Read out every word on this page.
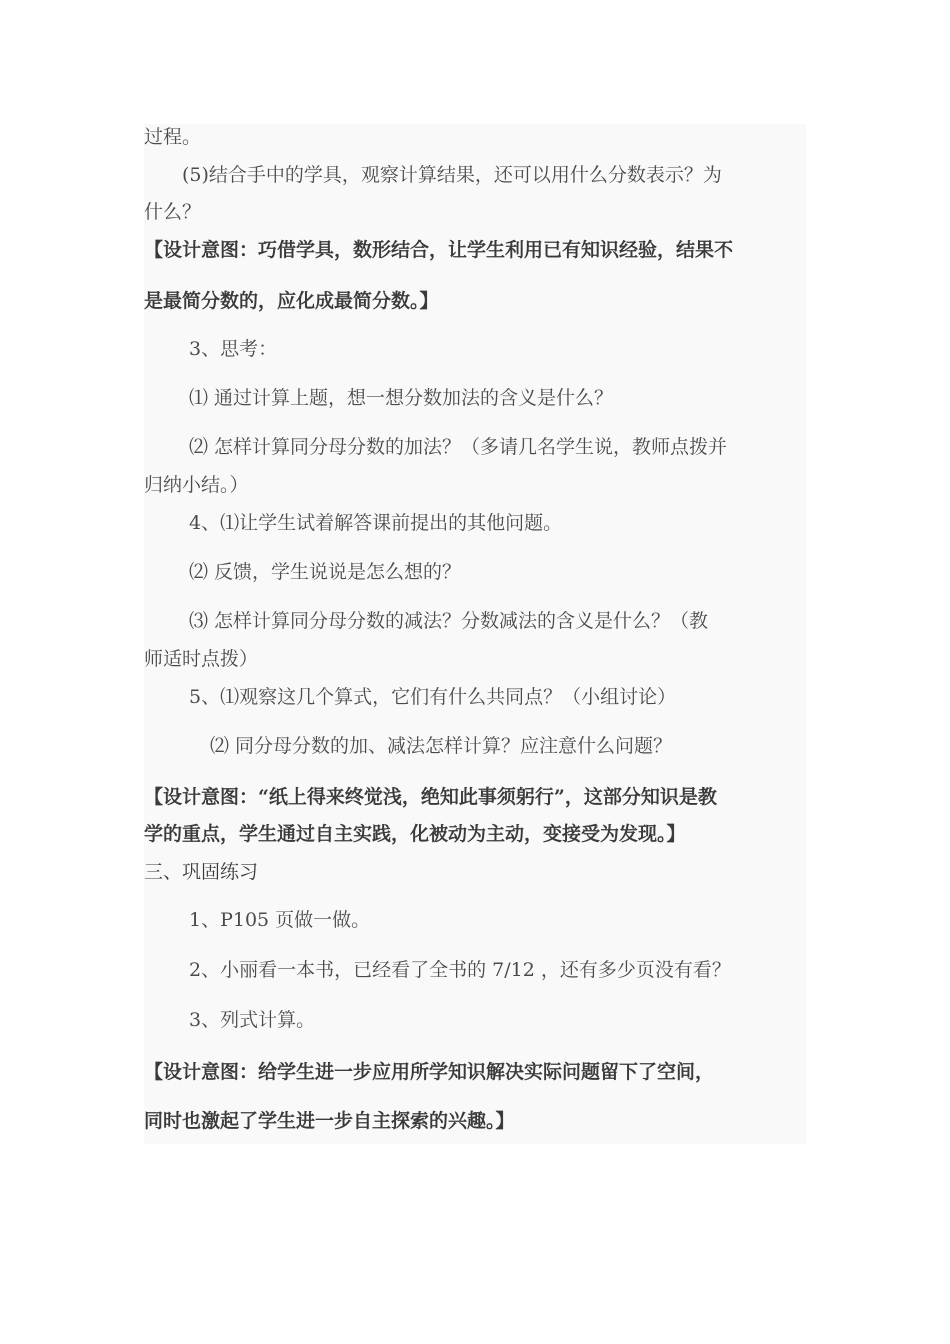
过程。
(5)结合手中的学具，观察计算结果，还可以用什么分数表示？为
什么？
【设计意图：巧借学具，数形结合，让学生利用已有知识经验，结果不
是最简分数的，应化成最简分数。】
3、思考：
⑴ 通过计算上题，想一想分数加法的含义是什么？
⑵ 怎样计算同分母分数的加法？（多请几名学生说，教师点拨并
归纳小结。）
4、⑴让学生试着解答课前提出的其他问题。
⑵ 反馈，学生说说是怎么想的？
⑶ 怎样计算同分母分数的减法？分数减法的含义是什么？（教
师适时点拨）
5、⑴观察这几个算式，它们有什么共同点？（小组讨论）
⑵ 同分母分数的加、减法怎样计算？应注意什么问题？
【设计意图：“纸上得来终觉浅，绝知此事须躬行”，这部分知识是教
学的重点，学生通过自主实践，化被动为主动，变接受为发现。】
三、巩固练习
1、P105 页做一做。
2、小丽看一本书，已经看了全书的 7/12 ，还有多少页没有看？
3、列式计算。
【设计意图：给学生进一步应用所学知识解决实际问题留下了空间，
同时也激起了学生进一步自主探索的兴趣。】
